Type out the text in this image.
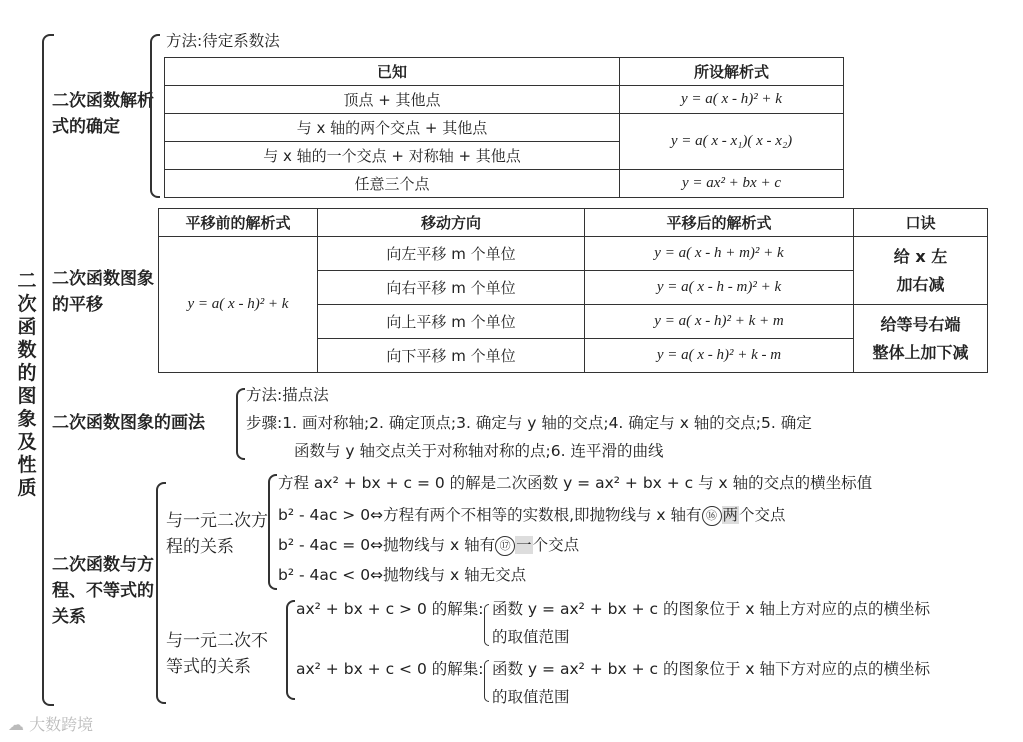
二次函数的图象及性质
二次函数解析式的确定
方法:待定系数法
已知	所设解析式
顶点 + 其他点	y = a( x - h)² + k
与 x 轴的两个交点 + 其他点	y = a( x - x₁)( x - x₂)
与 x 轴的一个交点 + 对称轴 + 其他点	
任意三个点	y = ax² + bx + c
二次函数图象的平移
平移前的解析式	移动方向	平移后的解析式	口诀
y = a( x - h)² + k	向左平移 m 个单位	y = a( x - h + m)² + k	给 x 左
加右减

	向右平移 m 个单位	y = a( x - h - m)² + k	
	向上平移 m 个单位	y = a( x - h)² + k + m	给等号右端
整体上加下减

	向下平移 m 个单位	y = a( x - h)² + k - m	
二次函数图象的画法
方法:描点法
步骤:1. 画对称轴;2. 确定顶点;3. 确定与 y 轴的交点;4. 确定与 x 轴的交点;5. 确定
函数与 y 轴交点关于对称轴对称的点;6. 连平滑的曲线
二次函数与方程、不等式的关系
与一元二次方程的关系
方程 ax² + bx + c = 0 的解是二次函数 y = ax² + bx + c 与 x 轴的交点的横坐标值
b² - 4ac > 0⇔方程有两个不相等的实数根,即抛物线与 x 轴有 ⑯ 两个交点
b² - 4ac = 0⇔抛物线与 x 轴有 ⑰ 一个交点
b² - 4ac < 0⇔抛物线与 x 轴无交点
与一元二次不等式的关系
ax² + bx + c > 0 的解集: 函数 y = ax² + bx + c 的图象位于 x 轴上方对应的点的横坐标
的取值范围
ax² + bx + c < 0 的解集: 函数 y = ax² + bx + c 的图象位于 x 轴下方对应的点的横坐标
的取值范围
☁ 大数跨境
